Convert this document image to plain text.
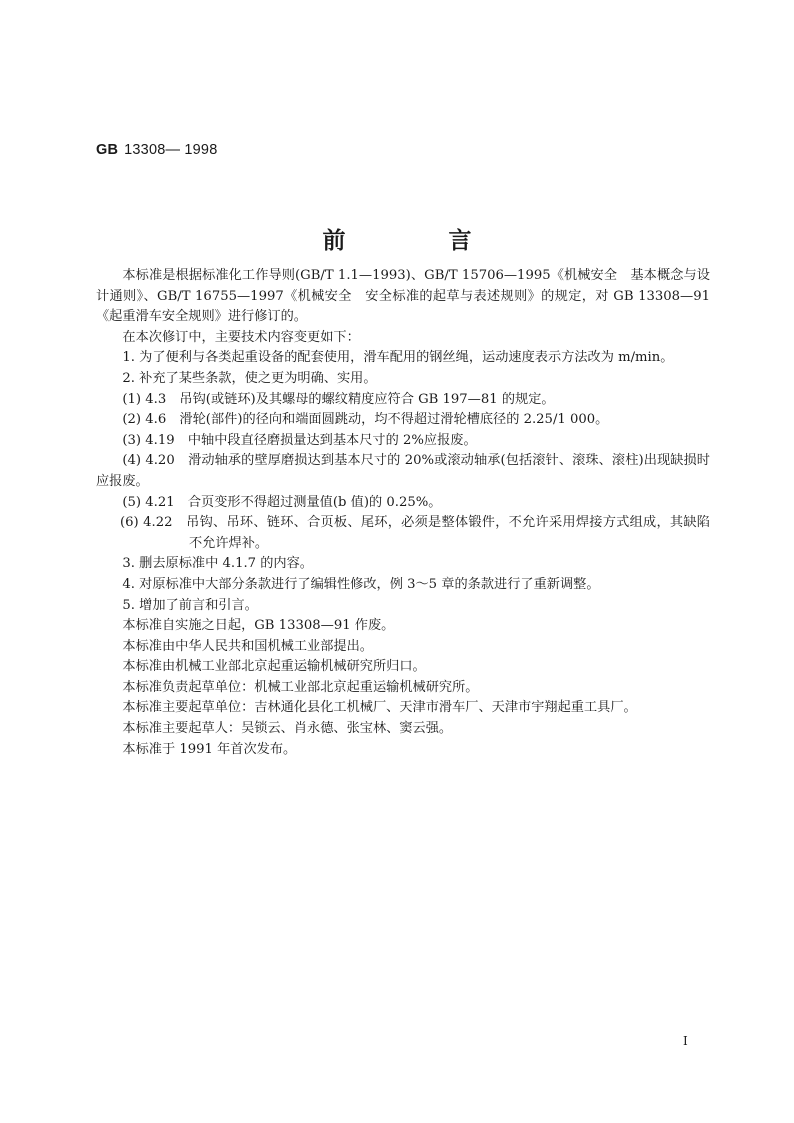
GB 13308— 1998
前　言

本标准是根据标准化工作导则(GB/T 1.1—1993)、GB/T 15706—1995《机械安全　基本概念与设计通则》、GB/T 16755—1997《机械安全　安全标准的起草与表述规则》的规定，对 GB 13308—91《起重滑车安全规则》进行修订的。

在本次修订中，主要技术内容变更如下：

1. 为了便利与各类起重设备的配套使用，滑车配用的钢丝绳，运动速度表示方法改为 m/min。

2. 补充了某些条款，使之更为明确、实用。

(1) 4.3　吊钩(或链环)及其螺母的螺纹精度应符合 GB 197—81 的规定。

(2) 4.6　滑轮(部件)的径向和端面圆跳动，均不得超过滑轮槽底径的 2.25/1 000。

(3) 4.19　中轴中段直径磨损量达到基本尺寸的 2%应报废。

(4) 4.20　滑动轴承的壁厚磨损达到基本尺寸的 20%或滚动轴承(包括滚针、滚珠、滚柱)出现缺损时应报废。

(5) 4.21　合页变形不得超过测量值(b 值)的 0.25%。

(6) 4.22　吊钩、吊环、链环、合页板、尾环，必须是整体锻件，不允许采用焊接方式组成，其缺陷不允许焊补。

3. 删去原标准中 4.1.7 的内容。

4. 对原标准中大部分条款进行了编辑性修改，例 3～5 章的条款进行了重新调整。

5. 增加了前言和引言。

本标准自实施之日起，GB 13308—91 作废。

本标准由中华人民共和国机械工业部提出。

本标准由机械工业部北京起重运输机械研究所归口。

本标准负责起草单位：机械工业部北京起重运输机械研究所。

本标准主要起草单位：吉林通化县化工机械厂、天津市滑车厂、天津市宇翔起重工具厂。

本标准主要起草人：吴锁云、肖永德、张宝林、窦云强。

本标准于 1991 年首次发布。

I
